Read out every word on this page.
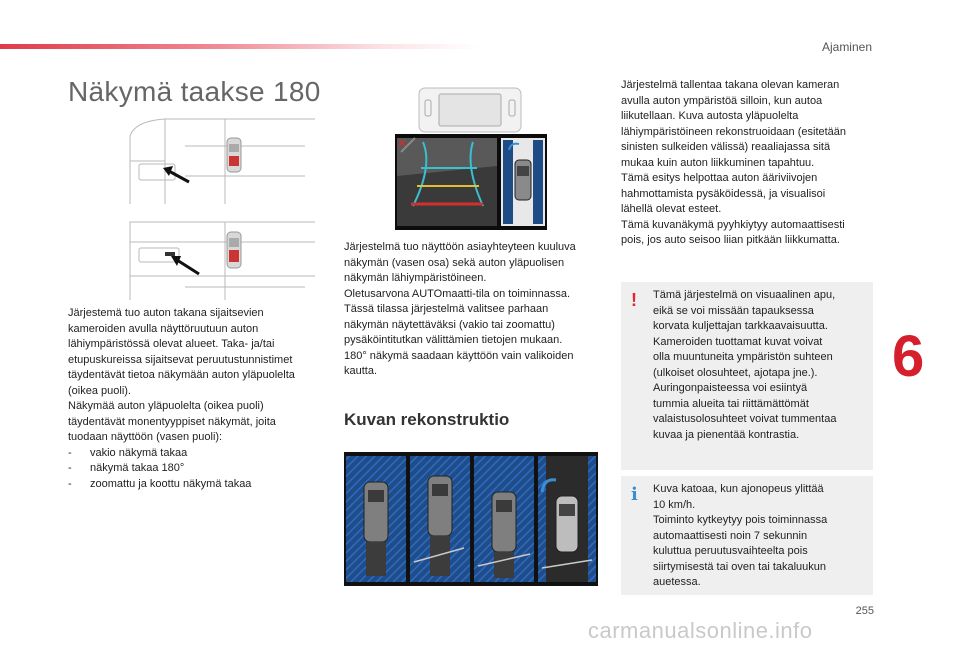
Ajaminen
Näkymä taakse 180
Järjestemä tuo auton takana sijaitsevien
kameroiden avulla näyttöruutuun auton
lähiympäristössä olevat alueet. Taka- ja/tai
etupuskureissa sijaitsevat peruutustunnistimet
täydentävät tietoa näkymään auton yläpuolelta
(oikea puoli).
Näkymää auton yläpuolelta (oikea puoli)
täydentävät monentyyppiset näkymät, joita
tuodaan näyttöön (vasen puoli):
-	vakio näkymä takaa
-	näkymä takaa 180°
-	zoomattu ja koottu näkymä takaa
Järjestelmä tuo näyttöön asiayhteyteen kuuluva
näkymän (vasen osa) sekä auton yläpuolisen
näkymän lähiympäristöineen.
Oletusarvona AUTOmaatti-tila on toiminnassa.
Tässä tilassa järjestelmä valitsee parhaan
näkymän näytettäväksi (vakio tai zoomattu)
pysäköintitutkan välittämien tietojen mukaan.
180° näkymä saadaan käyttöön vain valikoiden
kautta.
Kuvan rekonstruktio
Järjestelmä tallentaa takana olevan kameran
avulla auton ympäristöä silloin, kun autoa
liikutellaan. Kuva autosta yläpuolelta
lähiympäristöineen rekonstruoidaan (esitetään
sinisten sulkeiden välissä) reaaliajassa sitä
mukaa kuin auton liikkuminen tapahtuu.
Tämä esitys helpottaa auton ääriviivojen
hahmottamista pysäköidessä, ja visualisoi
lähellä olevat esteet.
Tämä kuvanäkymä pyyhkiytyy automaattisesti
pois, jos auto seisoo liian pitkään liikkumatta.
! Tämä järjestelmä on visuaalinen apu,
eikä se voi missään tapauksessa
korvata kuljettajan tarkkaavaisuutta.
Kameroiden tuottamat kuvat voivat
olla muuntuneita ympäristön suhteen
(ulkoiset olosuhteet, ajotapa jne.).
Auringonpaisteessa voi esiintyä
tummia alueita tai riittämättömät
valaistusolosuhteet voivat tummentaa
kuvaa ja pienentää kontrastia.
i Kuva katoaa, kun ajonopeus ylittää
10 km/h.
Toiminto kytkeytyy pois toiminnassa
automaattisesti noin 7 sekunnin
kuluttua peruutusvaihteelta pois
siirtymisestä tai oven tai takaluukun
auetessa.
6
255
carmanualsonline.info
